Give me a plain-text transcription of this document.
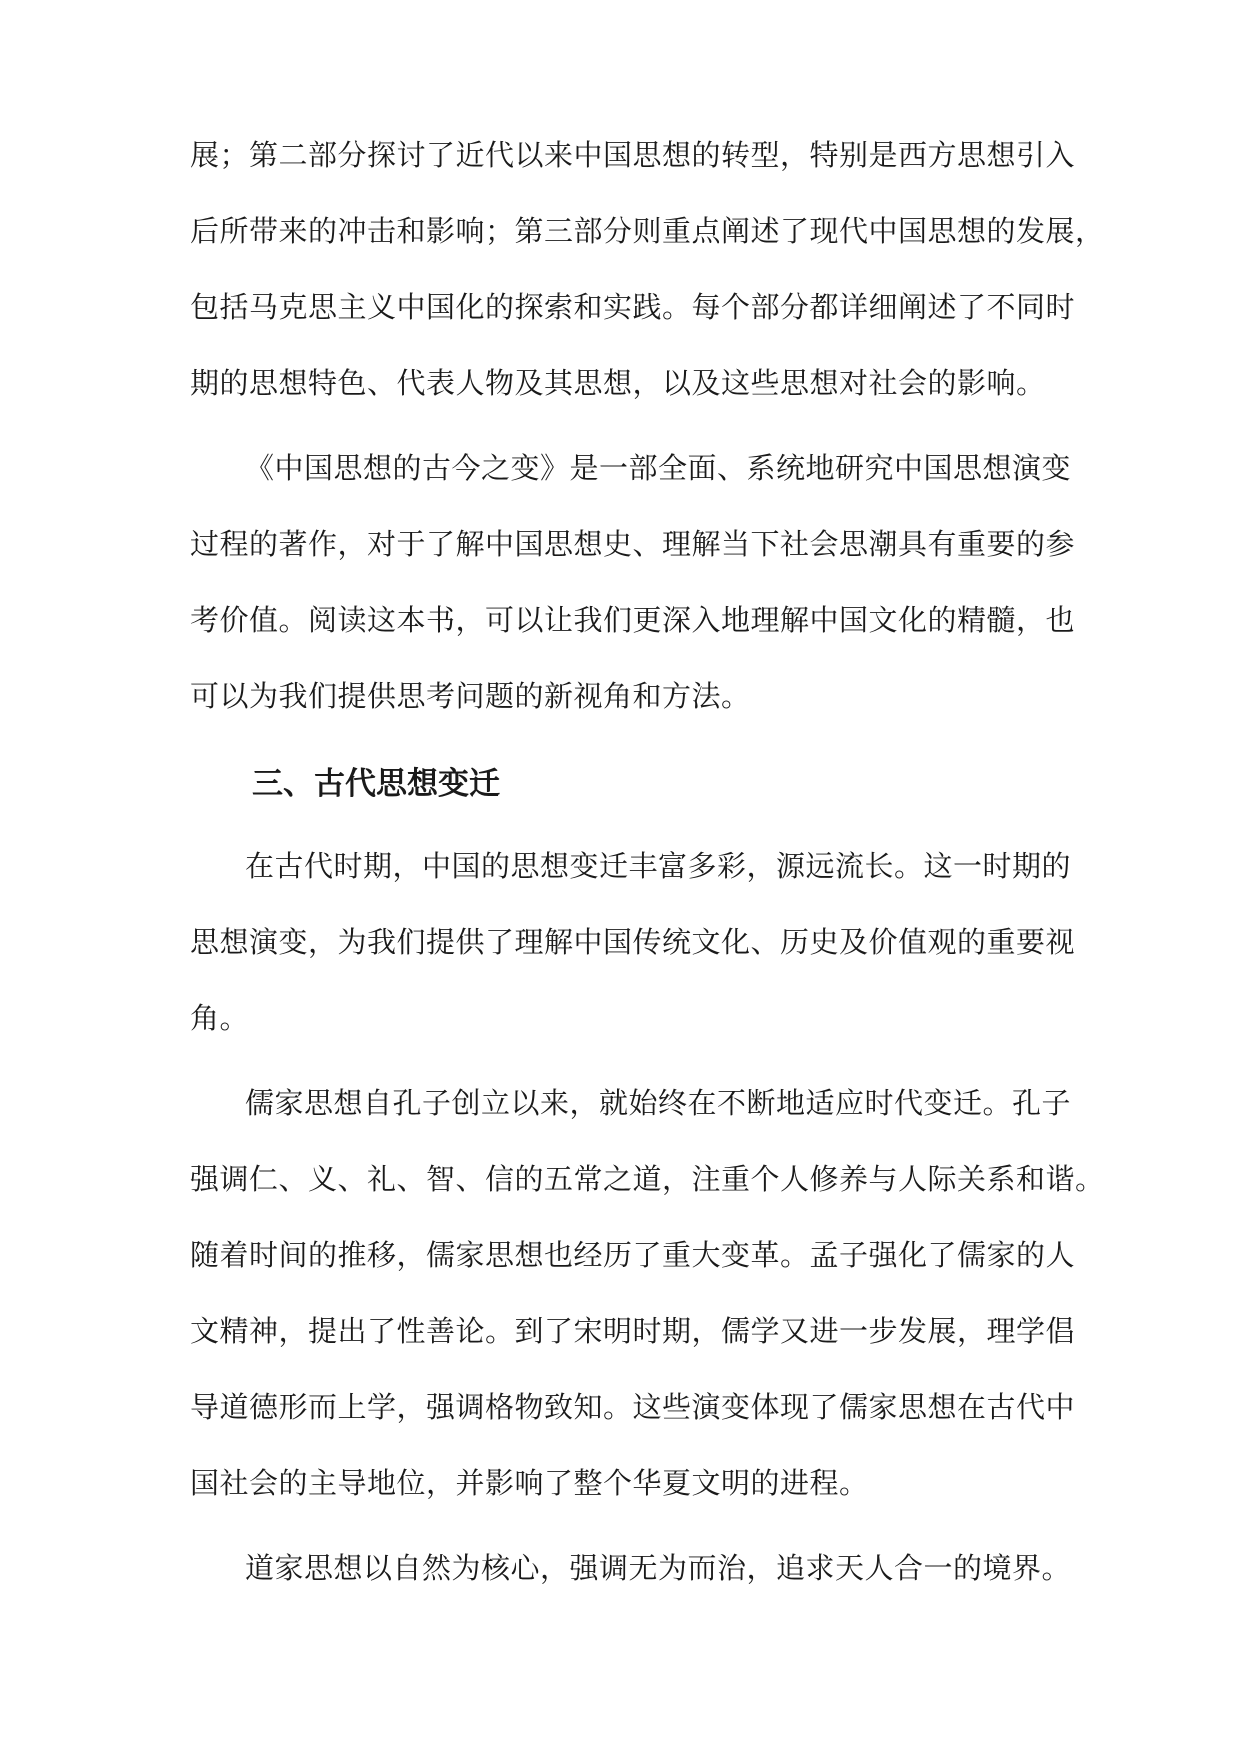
展；第二部分探讨了近代以来中国思想的转型，特别是西方思想引入
后所带来的冲击和影响；第三部分则重点阐述了现代中国思想的发展，
包括马克思主义中国化的探索和实践。每个部分都详细阐述了不同时
期的思想特色、代表人物及其思想，以及这些思想对社会的影响。
《中国思想的古今之变》是一部全面、系统地研究中国思想演变
过程的著作，对于了解中国思想史、理解当下社会思潮具有重要的参
考价值。阅读这本书，可以让我们更深入地理解中国文化的精髓，也
可以为我们提供思考问题的新视角和方法。
三、古代思想变迁
在古代时期，中国的思想变迁丰富多彩，源远流长。这一时期的
思想演变，为我们提供了理解中国传统文化、历史及价值观的重要视
角。
儒家思想自孔子创立以来，就始终在不断地适应时代变迁。孔子
强调仁、义、礼、智、信的五常之道，注重个人修养与人际关系和谐。
随着时间的推移，儒家思想也经历了重大变革。孟子强化了儒家的人
文精神，提出了性善论。到了宋明时期，儒学又进一步发展，理学倡
导道德形而上学，强调格物致知。这些演变体现了儒家思想在古代中
国社会的主导地位，并影响了整个华夏文明的进程。
道家思想以自然为核心，强调无为而治，追求天人合一的境界。
